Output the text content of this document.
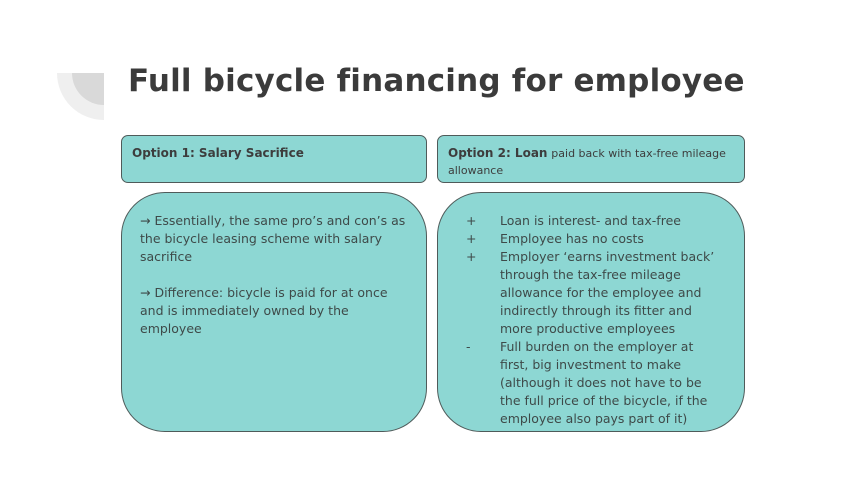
Full bicycle financing for employee
Option 1: Salary Sacrifice	Option 2: Loan paid back with tax-free mileage allowance

→ Essentially, the same pro’s and con’s as the bicycle leasing scheme with salary sacrifice

→ Difference: bicycle is paid for at once and is immediately owned by the employee

+	Loan is interest- and tax-free
+	Employee has no costs
+	Employer ‘earns investment back’ through the tax-free mileage allowance for the employee and indirectly through its fitter and more productive employees
-	Full burden on the employer at first, big investment to make (although it does not have to be the full price of the bicycle, if the employee also pays part of it)
